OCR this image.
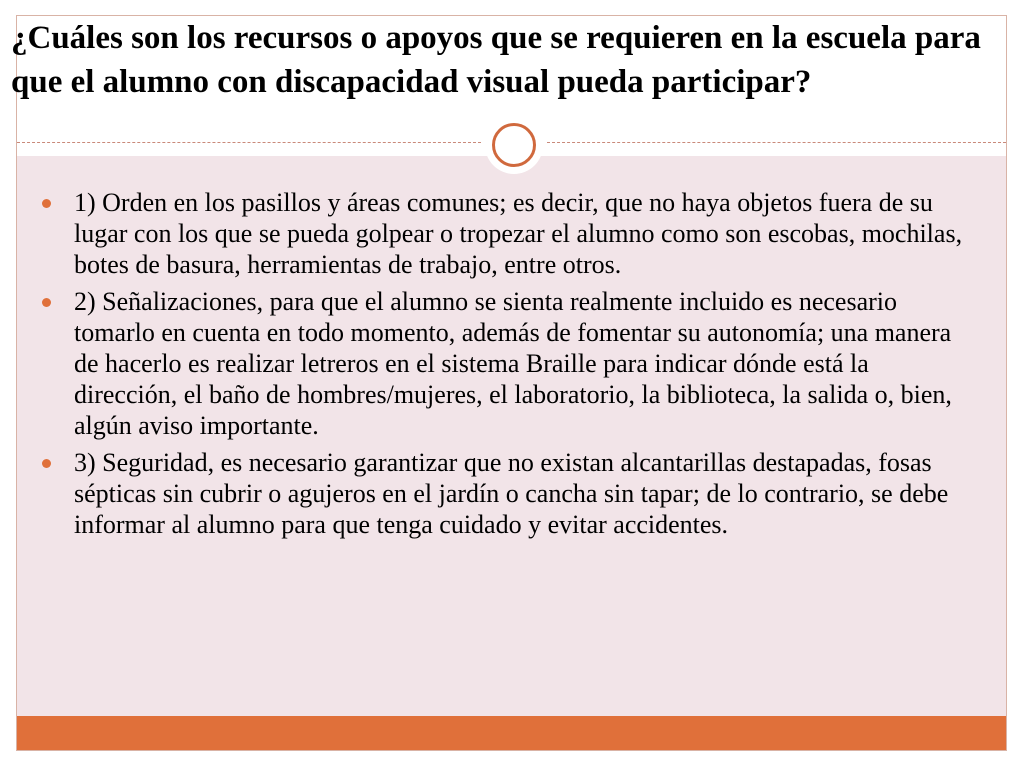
¿Cuáles son los recursos o apoyos que se requieren en la escuela para que el alumno con discapacidad visual pueda participar?
1) Orden en los pasillos y áreas comunes; es decir, que no haya objetos fuera de su lugar con los que se pueda golpear o tropezar el alumno como son escobas, mochilas, botes de basura, herramientas de trabajo, entre otros.
2) Señalizaciones, para que el alumno se sienta realmente incluido es necesario tomarlo en cuenta en todo momento, además de fomentar su autonomía; una manera de hacerlo es realizar letreros en el sistema Braille para indicar dónde está la dirección, el baño de hombres/mujeres, el laboratorio, la biblioteca, la salida o, bien, algún aviso importante.
3) Seguridad, es necesario garantizar que no existan alcantarillas destapadas, fosas sépticas sin cubrir o agujeros en el jardín o cancha sin tapar; de lo contrario, se debe informar al alumno para que tenga cuidado y evitar accidentes.
